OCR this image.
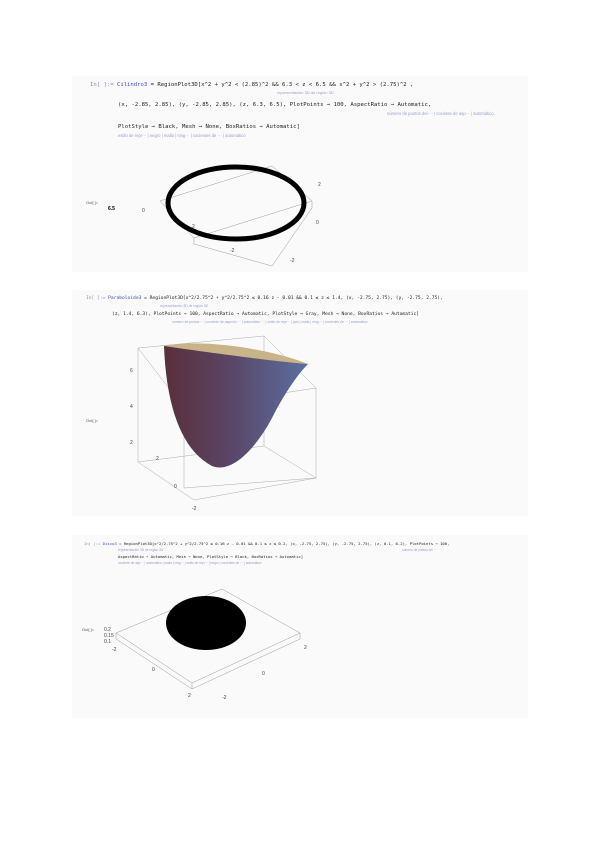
In[ ]:= Cilindro3 = RegionPlot3D[x^2 + y^2 < (2.85)^2 && 6.3 < z < 6.5 && x^2 + y^2 > (2.75)^2 ,
representación 3D de región 3D
(x, -2.85, 2.85), (y, -2.85, 2.85), (z, 6.3, 6.5), PlotPoints → 100, AspectRatio → Automatic,
número de puntos del ··· | cociente de asp··· | automático
PlotStyle → Black, Mesh → None, BoxRatios → Automatic]
estilo de repr··· | negro | malla | ning··· | cocientes de ··· | automático
Out[ ]=
6.5	0
2
-2
2
0
-2
In[ ]:= Paraboloide3 = RegionPlot3D[x^2/2.75^2 + y^2/2.75^2 ≤ 0.16 z - 0.01 && 0.1 ≤ z ≤ 1.4, (x, -2.75, 2.75), (y, -2.75, 2.75),
representación 3D de región 3D
(z, 1.4, 6.3), PlotPoints → 100, AspectRatio → Automatic, PlotStyle → Gray, Mesh → None, BoxRatios → Automatic]
número de puntos ··· | cociente de aspecto ··· | automático ··· | estilo de repr··· | gris | malla | ning··· | cocientes de ··· | automático
Out[ ]=
6
4
2
2
0
-2
In[ ]:= Disco3 = RegionPlot3D[x^2/2.75^2 + y^2/2.75^2 ≤ 0.16 z - 0.01 && 0.1 ≤ z ≤ 0.2, (x, -2.75, 2.75), (y, -2.75, 2.75), (z, 0.1, 0.2), PlotPoints → 100,
representación 3D de región 3D	número de puntos del ···
AspectRatio → Automatic, Mesh → None, PlotStyle → Black, BoxRatios → Automatic]
cociente de asp··· | automático | malla | ning··· | estilo de repr··· | negro | cocientes de ··· | automático
Out[ ]= 0.2
0.15
0.1
-2
0
2
2
0
-2
